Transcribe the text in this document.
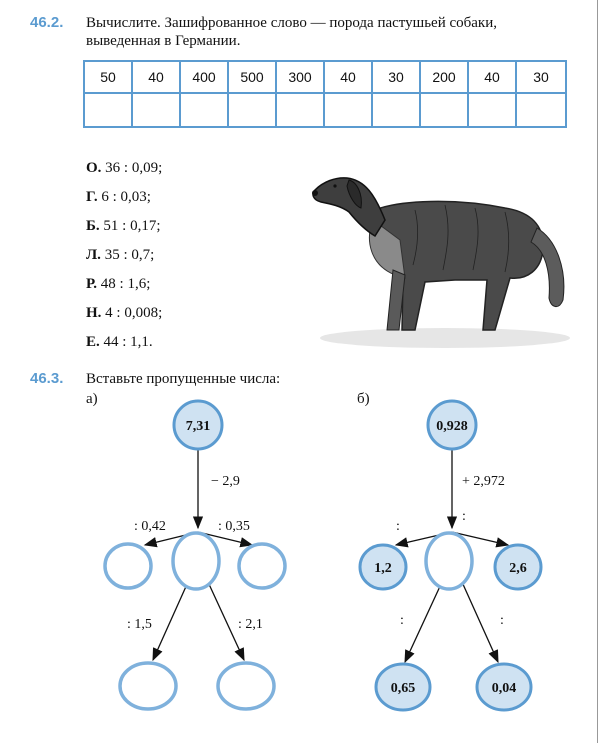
46.2. Вычислите. Зашифрованное слово — порода пастушьей собаки,
выведенная в Германии.
50	40	400	500	300	40	30	200	40	30
О. 36 : 0,09;
Г. 6 : 0,03;
Б. 51 : 0,17;
Л. 35 : 0,7;
Р. 48 : 1,6;
Н. 4 : 0,008;
Е. 44 : 1,1.
46.3. Вставьте пропущенные числа:
а)	б)
7,31
− 2,9
: 0,42	: 0,35
: 1,5	: 2,1
0,928
1,2	2,6
0,65	0,04
+ 2,972
:
:
:	:
